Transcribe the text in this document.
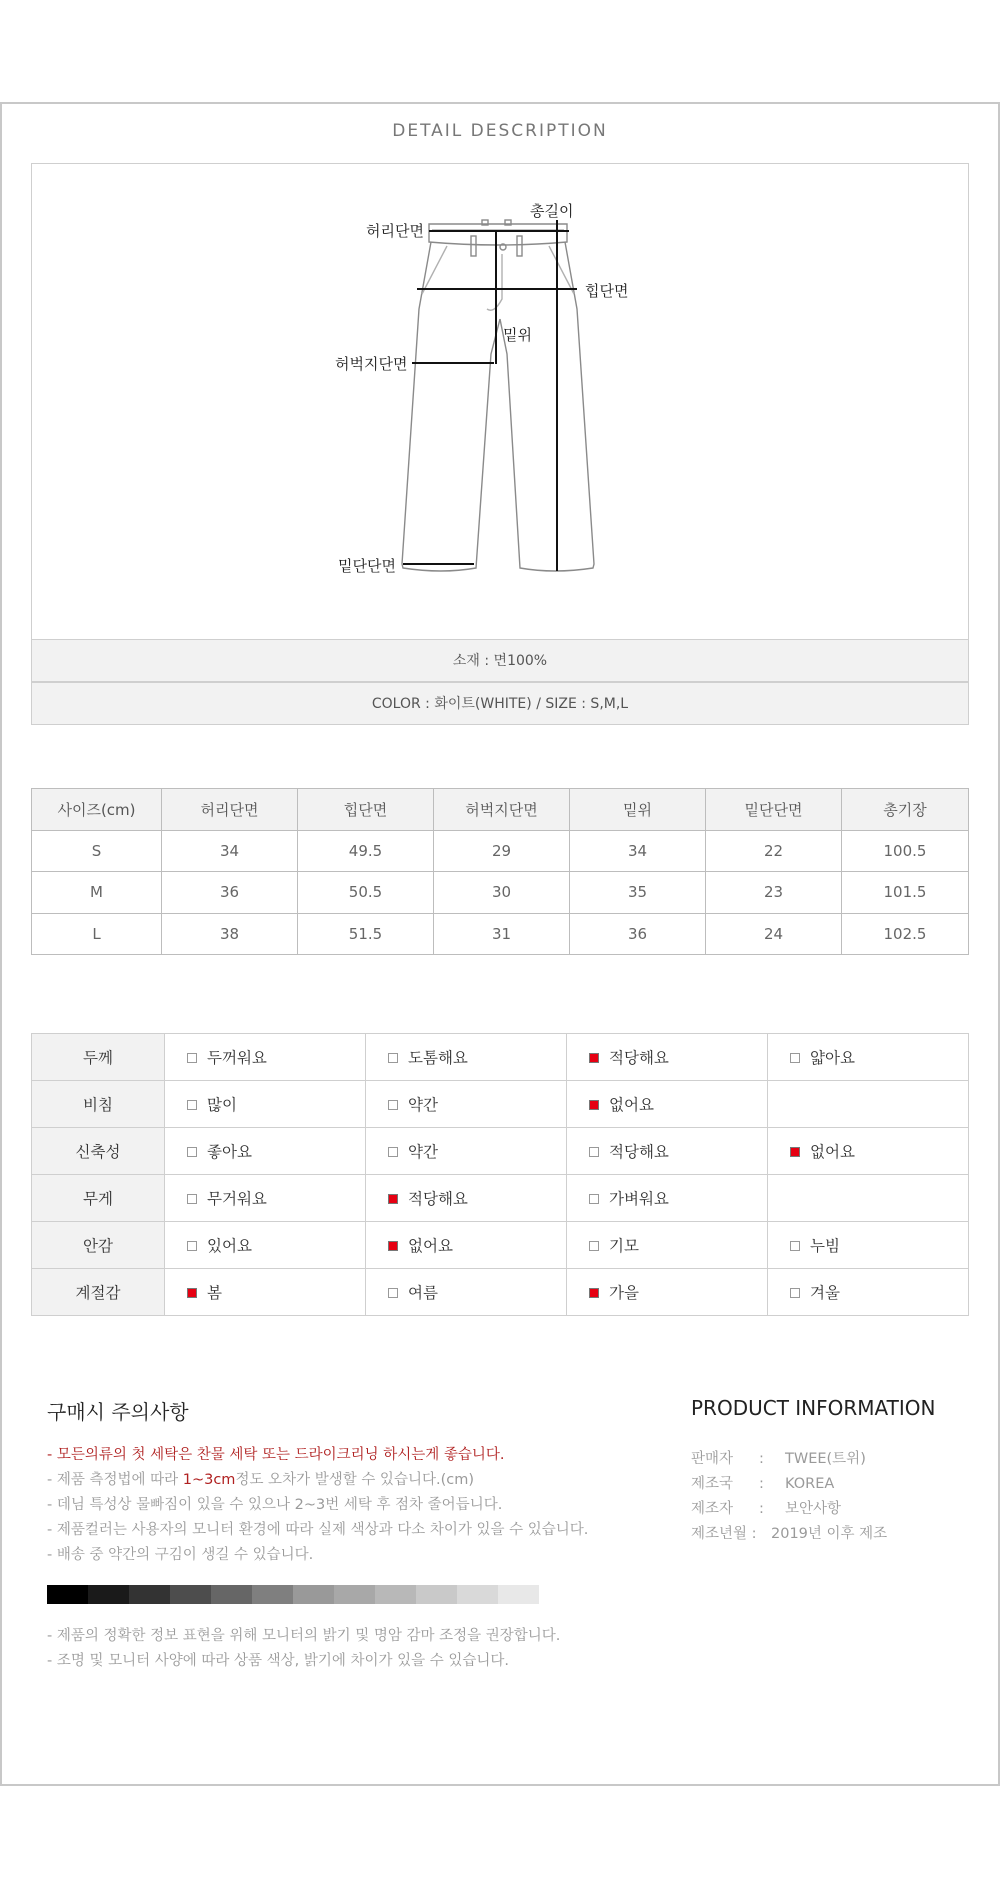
DETAIL DESCRIPTION
허리단면
총길이
힙단면
밑위
허벅지단면
밑단단면
소재 : 면100%
COLOR : 화이트(WHITE) / SIZE : S,M,L
사이즈(cm)	허리단면	힙단면	허벅지단면	밑위	밑단단면	총기장
S	34	49.5	29	34	22	100.5
M	36	50.5	30	35	23	101.5
L	38	51.5	31	36	24	102.5
두께	두꺼워요	도톰해요	적당해요	얇아요
비침	많이	약간	없어요	
신축성	좋아요	약간	적당해요	없어요
무게	무거워요	적당해요	가벼워요	
안감	있어요	없어요	기모	누빔
계절감	봄	여름	가을	겨울
구매시 주의사항
- 모든의류의 첫 세탁은 찬물 세탁 또는 드라이크리닝 하시는게 좋습니다.
- 제품 측정법에 따라 1~3cm정도 오차가 발생할 수 있습니다.(cm)
- 데님 특성상 물빠짐이 있을 수 있으나 2~3번 세탁 후 점차 줄어듭니다.
- 제품컬러는 사용자의 모니터 환경에 따라 실제 색상과 다소 차이가 있을 수 있습니다.
- 배송 중 약간의 구김이 생길 수 있습니다.
- 제품의 정확한 정보 표현을 위해 모니터의 밝기 및 명암 감마 조정을 권장합니다.
- 조명 및 모니터 사양에 따라 상품 색상, 밝기에 차이가 있을 수 있습니다.
PRODUCT INFORMATION
판매자	:	TWEE(트위)
제조국	:	KOREA
제조자	:	보안사항
제조년월 : 2019년 이후 제조
